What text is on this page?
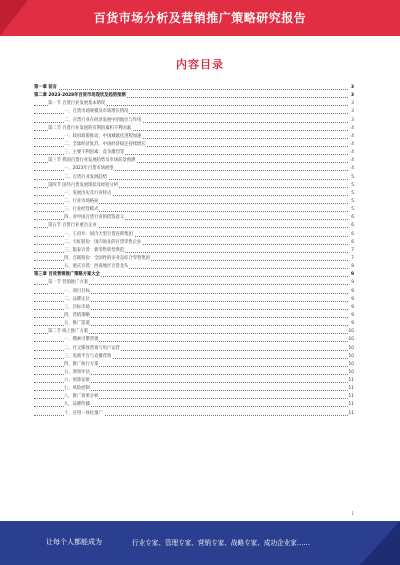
百货市场分析及营销推广策略研究报告
内容目录
第一章 前言	3
第二章 2023-2028年百货市场现状及趋势预测	3
第一节 百货行业发展基本情况	3
一、百货市场规模及市场增长情况	3
二、百货行业在经济发展中的地位与作用	3
第二节 百货行业发展的有利因素和不利因素	4
一、政府政策推动、中国城镇化进程加速	4
二、全球经济复苏，中国经济稳定持续增长	4
三、主要不利因素：竞争激烈等	4
第三节 我国百货行业发展趋势及市场前景预测	4
一、2023年百货市场展望	4
二、百货行业发展趋势	5
第四节 国外百货发展现状及经验分析	5
一、发展历史及行业特点	5
二、行业市场格局	5
三、行业经营模式	5
四、对中国百货行业的借鉴意义	6
第五节 百货行业重点企业	6
一、王府井：国内大型百货连锁集团	6
二、天虹股份：国内领先的百货零售企业	6
三、银泰百货：新零售转型典范	7
四、百联股份：全国性的多业态综合零售集团	7
五、重庆百货：西南地区百货龙头	8
第三章 百货营销推广策略方案大全	9
第一节 营销推广方案	9
一、项目目标	9
二、品牌定位	9
三、目标市场	9
四、营销策略	9
五、推广渠道	9
第二节 线上推广方案	10
一、搜索引擎营销	10
二、社交媒体营销与用户运营	10
三、电商平台与直播营销	10
四、推广执行方案	10
五、效果评估	10
六、预算安排	11
七、风险控制	11
八、推广效果分析	11
九、品牌传播	11
十、应用一体化推广	11
1
让每个人都能成为	行业专家、管理专家、营销专家、战略专家、成功企业家……
